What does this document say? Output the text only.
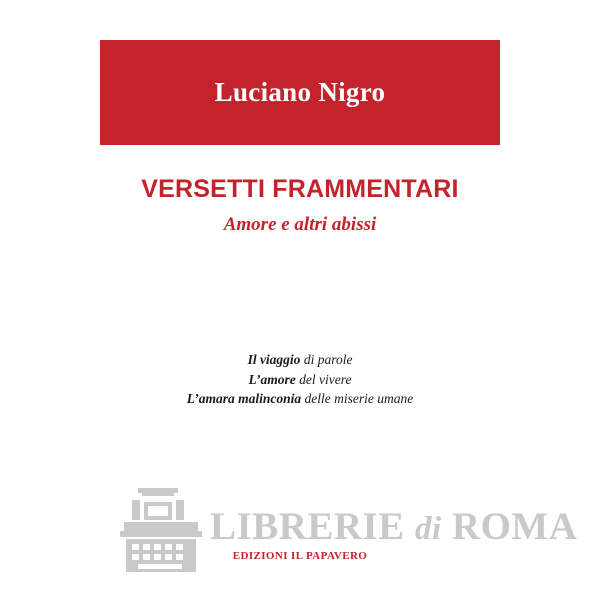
Luciano Nigro
VERSETTI FRAMMENTARI
Amore e altri abissi
Il viaggio di parole
L’amore del vivere
L’amara malinconia delle miserie umane
EDIZIONI IL PAPAVERO
LIBRERIE di ROMA
